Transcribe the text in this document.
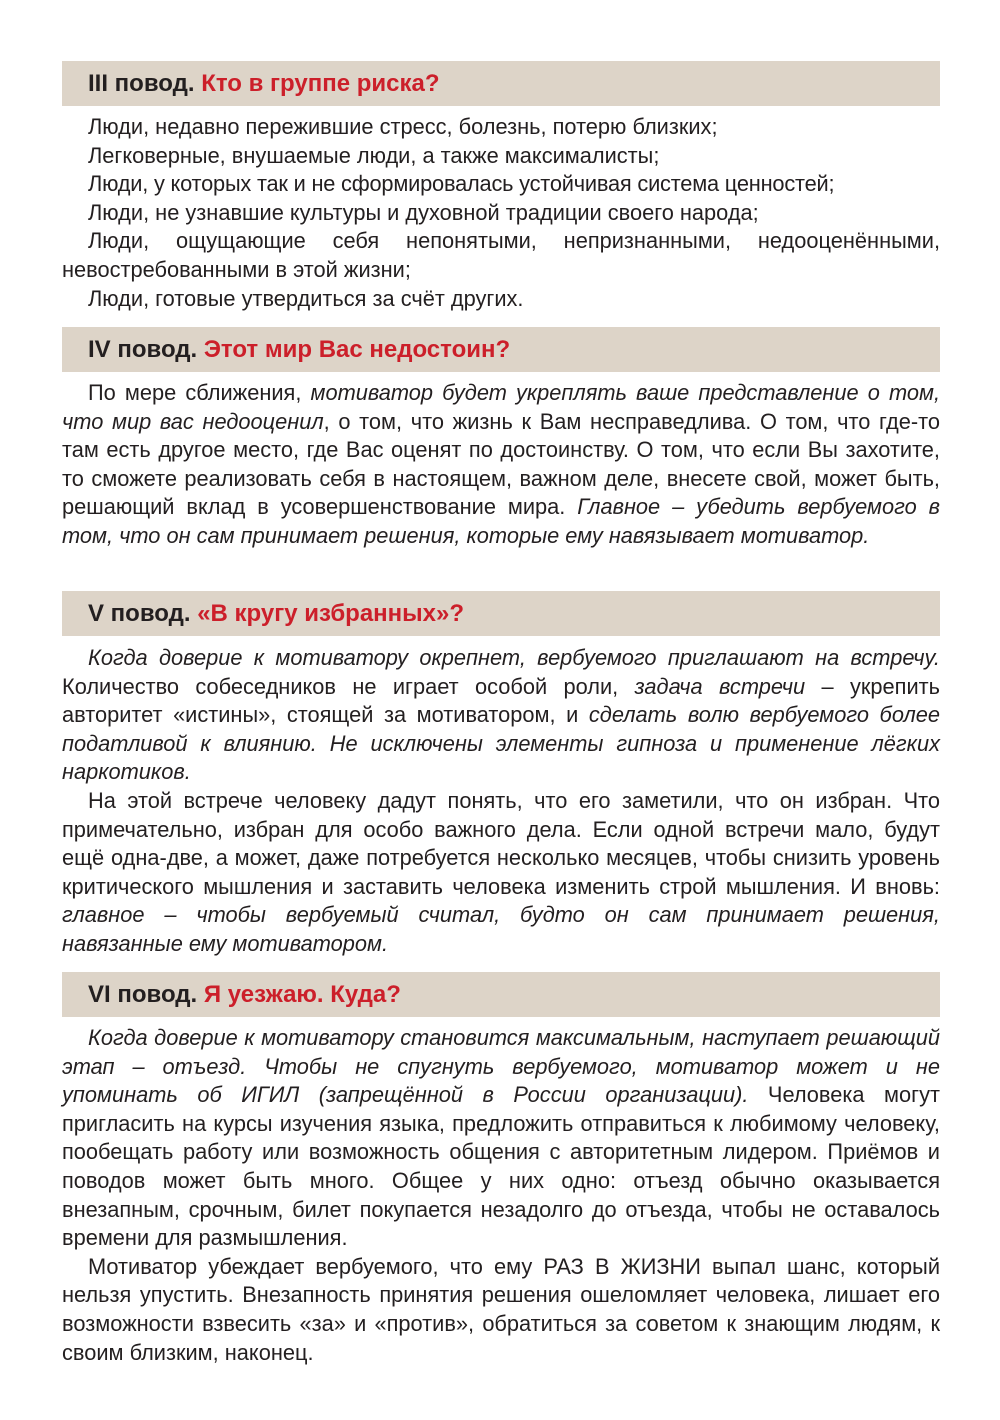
III повод. Кто в группе риска?

Люди, недавно пережившие стресс, болезнь, потерю близких;

Легковерные, внушаемые люди, а также максималисты;

Люди, у которых так и не сформировалась устойчивая система ценностей;

Люди, не узнавшие культуры и духовной традиции своего народа;

Люди, ощущающие себя непонятыми, непризнанными, недооценёнными, невостребованными в этой жизни;

Люди, готовые утвердиться за счёт других.

IV повод. Этот мир Вас недостоин?

По мере сближения, мотиватор будет укреплять ваше представление о том, что мир вас недооценил, о том, что жизнь к Вам несправедлива. О том, что где-то там есть другое место, где Вас оценят по достоинству. О том, что если Вы захотите, то сможете реализовать себя в настоящем, важном деле, внесете свой, может быть, решающий вклад в усовершенствование мира. Главное – убедить вербуемого в том, что он сам принимает решения, которые ему навязывает мотиватор.

V повод. «В кругу избранных»?

Когда доверие к мотиватору окрепнет, вербуемого приглашают на встречу. Количество собеседников не играет особой роли, задача встречи – укрепить авторитет «истины», стоящей за мотиватором, и сделать волю вербуемого более податливой к влиянию. Не исключены элементы гипноза и применение лёгких наркотиков.

На этой встрече человеку дадут понять, что его заметили, что он избран. Что примечательно, избран для особо важного дела. Если одной встречи мало, будут ещё одна-две, а может, даже потребуется несколько месяцев, чтобы снизить уровень критического мышления и заставить человека изменить строй мышления. И вновь: главное – чтобы вербуемый считал, будто он сам принимает решения, навязанные ему мотиватором.

VI повод. Я уезжаю. Куда?

Когда доверие к мотиватору становится максимальным, наступает решающий этап – отъезд. Чтобы не спугнуть вербуемого, мотиватор может и не упоминать об ИГИЛ (запрещённой в России организации). Человека могут пригласить на курсы изучения языка, предложить отправиться к любимому человеку, пообещать работу или возможность общения с авторитетным лидером. Приёмов и поводов может быть много. Общее у них одно: отъезд обычно оказывается внезапным, срочным, билет покупается незадолго до отъезда, чтобы не оставалось времени для размышления.

Мотиватор убеждает вербуемого, что ему РАЗ В ЖИЗНИ выпал шанс, который нельзя упустить. Внезапность принятия решения ошеломляет человека, лишает его возможности взвесить «за» и «против», обратиться за советом к знающим людям, к своим близким, наконец.
